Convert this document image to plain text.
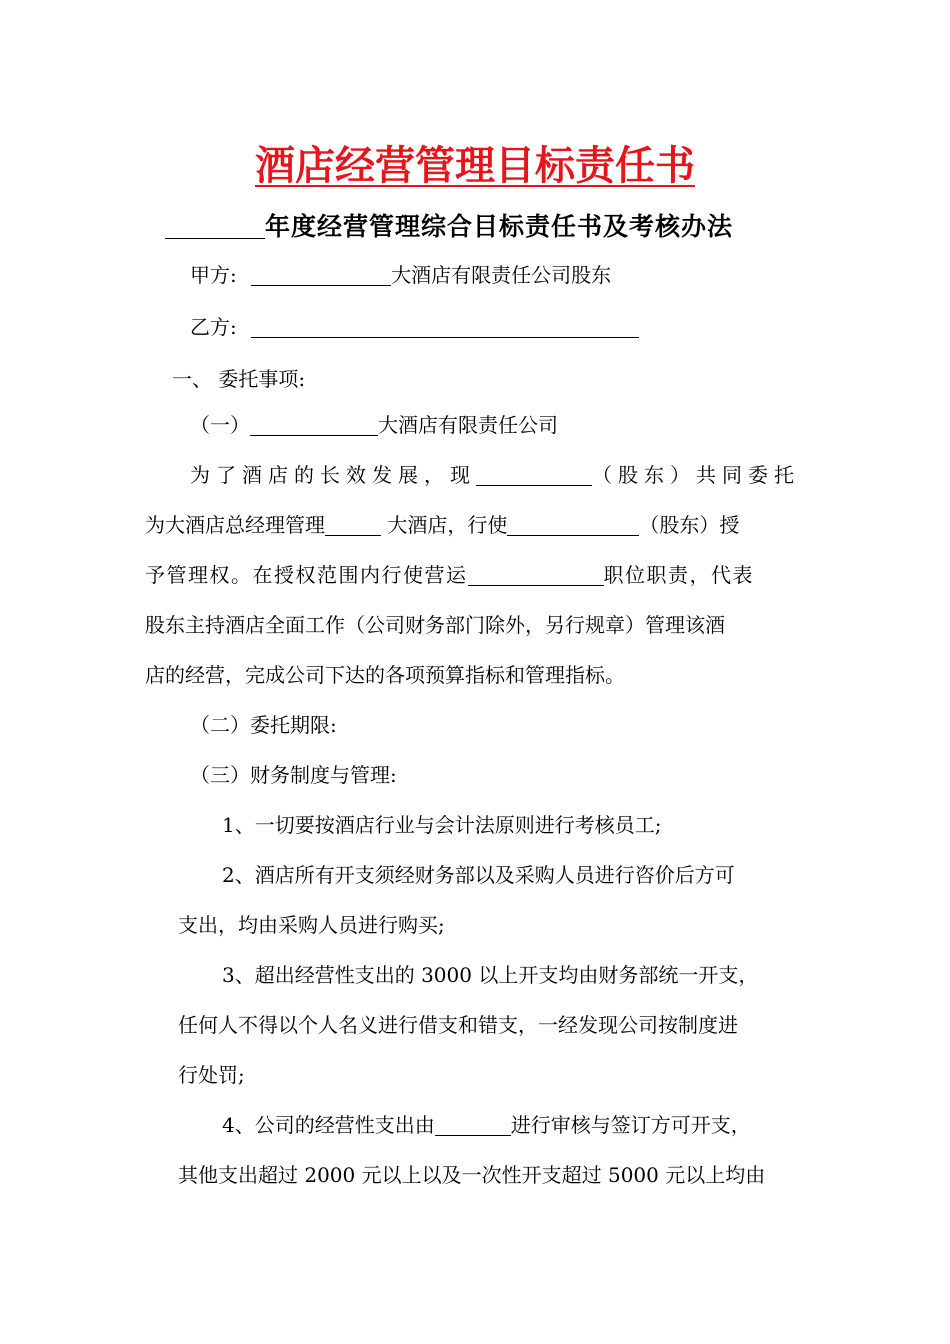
酒店经营管理目标责任书
年度经营管理综合目标责任书及考核办法
甲方:	大酒店有限责任公司股东
乙方:
一、 委托事项:
（一）	大酒店有限责任公司
为了酒店的长效发展，现	（股东）共同委托
为大酒店总经理管理	大酒店，行使	（股东）授
予管理权。在授权范围内行使营运	职位职责，代表
股东主持酒店全面工作（公司财务部门除外，另行规章）管理该酒
店的经营，完成公司下达的各项预算指标和管理指标。
（二）委托期限:
（三）财务制度与管理:
1、一切要按酒店行业与会计法原则进行考核员工;
2、酒店所有开支须经财务部以及采购人员进行咨价后方可
支出，均由采购人员进行购买;
3、超出经营性支出的 3000 以上开支均由财务部统一开支，
任何人不得以个人名义进行借支和错支，一经发现公司按制度进
行处罚;
4、公司的经营性支出由	进行审核与签订方可开支，
其他支出超过 2000 元以上以及一次性开支超过 5000 元以上均由
